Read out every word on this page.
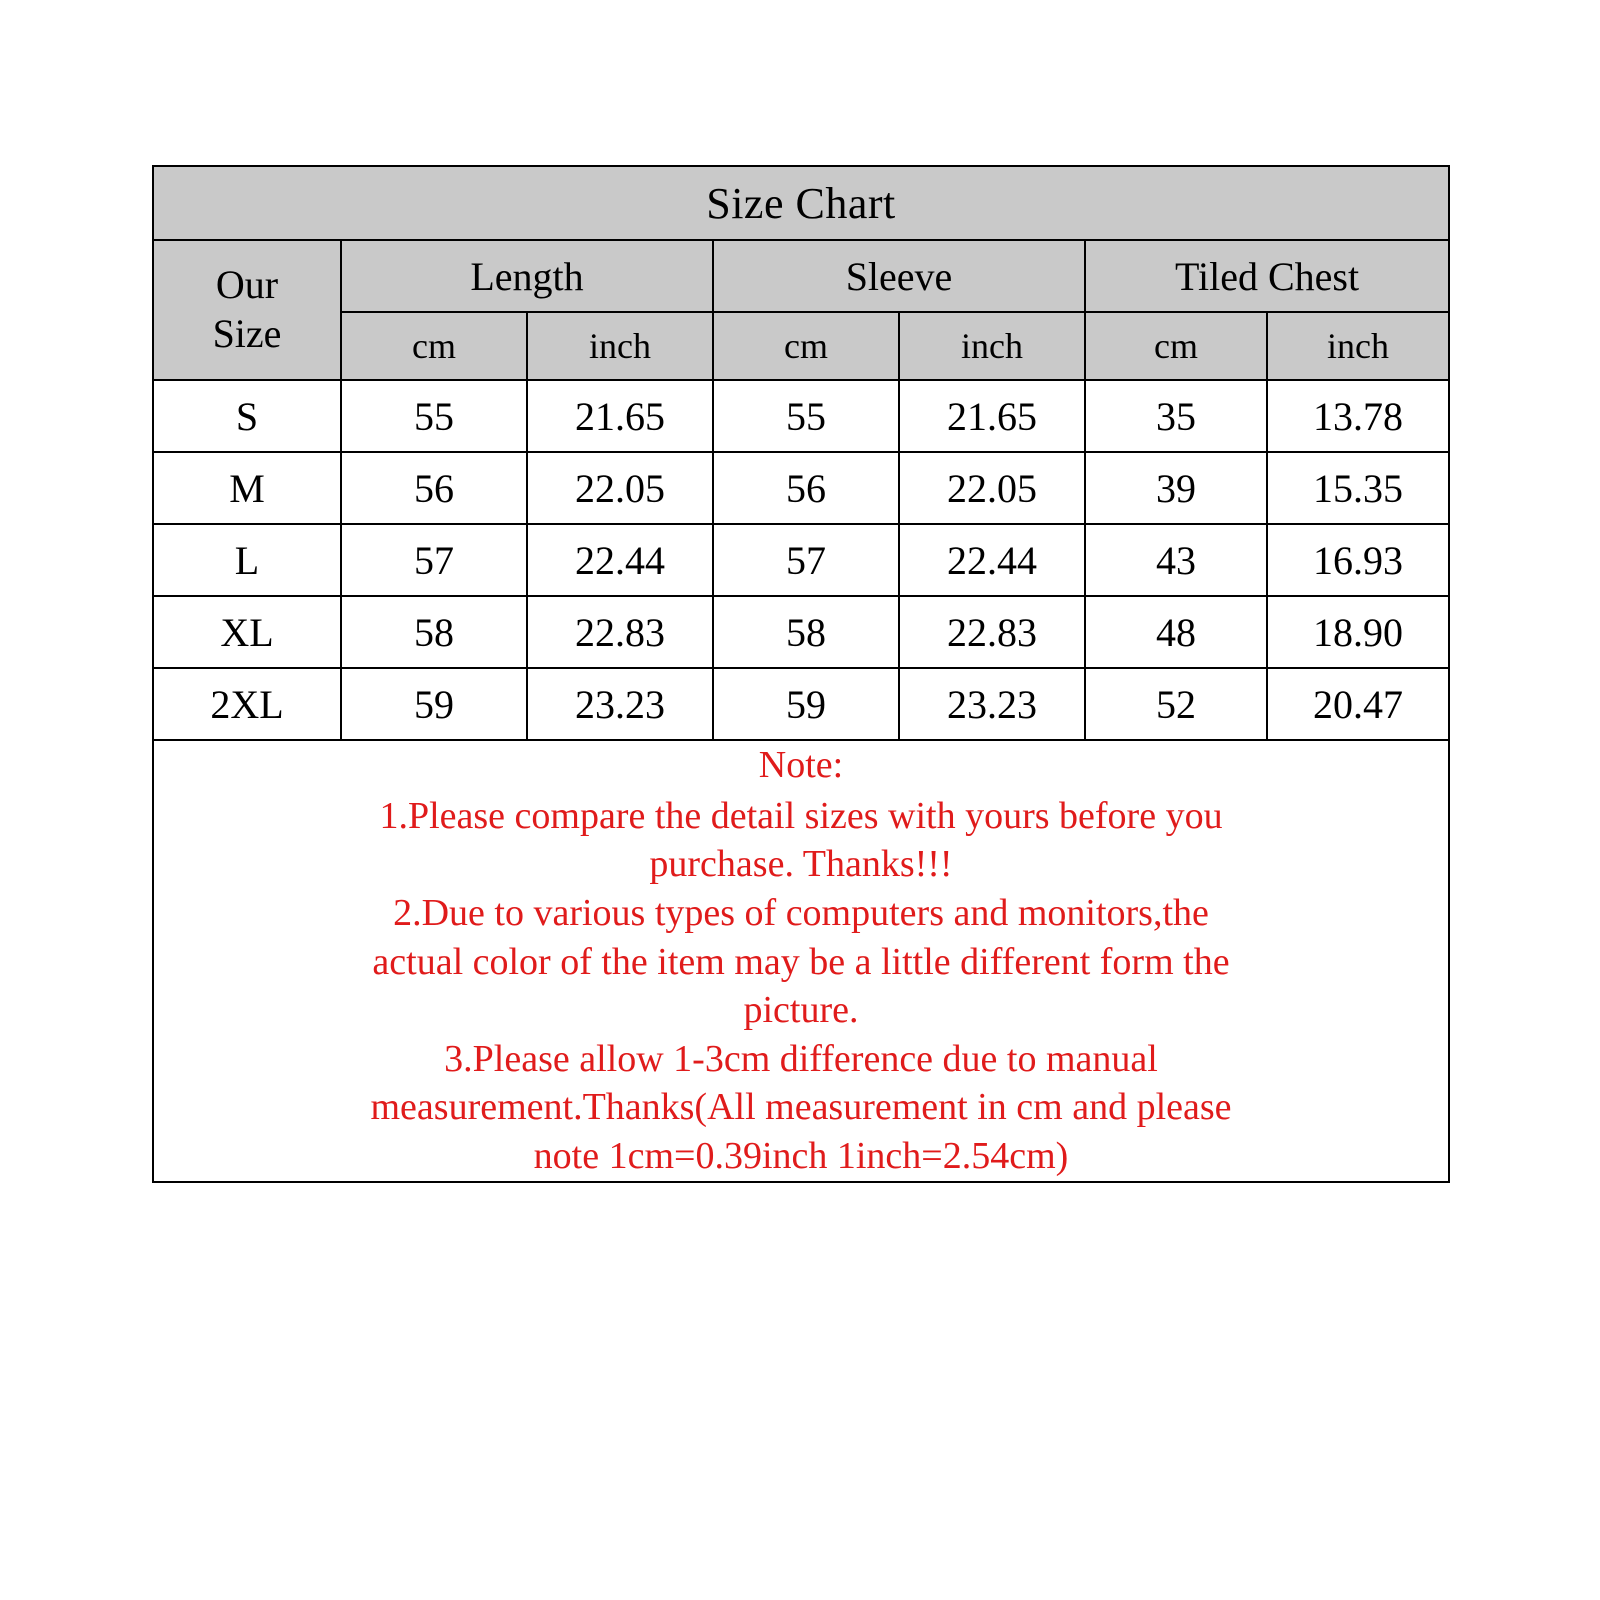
Size Chart						

Our
Size	Length		Sleeve		Tiled Chest	
	cm	inch	cm	inch	cm	inch
S	55	21.65	55	21.65	35	13.78
M	56	22.05	56	22.05	39	15.35
L	57	22.44	57	22.44	43	16.93
XL	58	22.83	58	22.83	48	18.90
2XL	59	23.23	59	23.23	52	20.47

Note:
1.Please compare the detail sizes with yours before you
purchase. Thanks!!!
2.Due to various types of computers and monitors,the
actual color of the item may be a little different form the
picture.
3.Please allow 1-3cm difference due to manual
measurement.Thanks(All measurement in cm and please
note 1cm=0.39inch 1inch=2.54cm)
